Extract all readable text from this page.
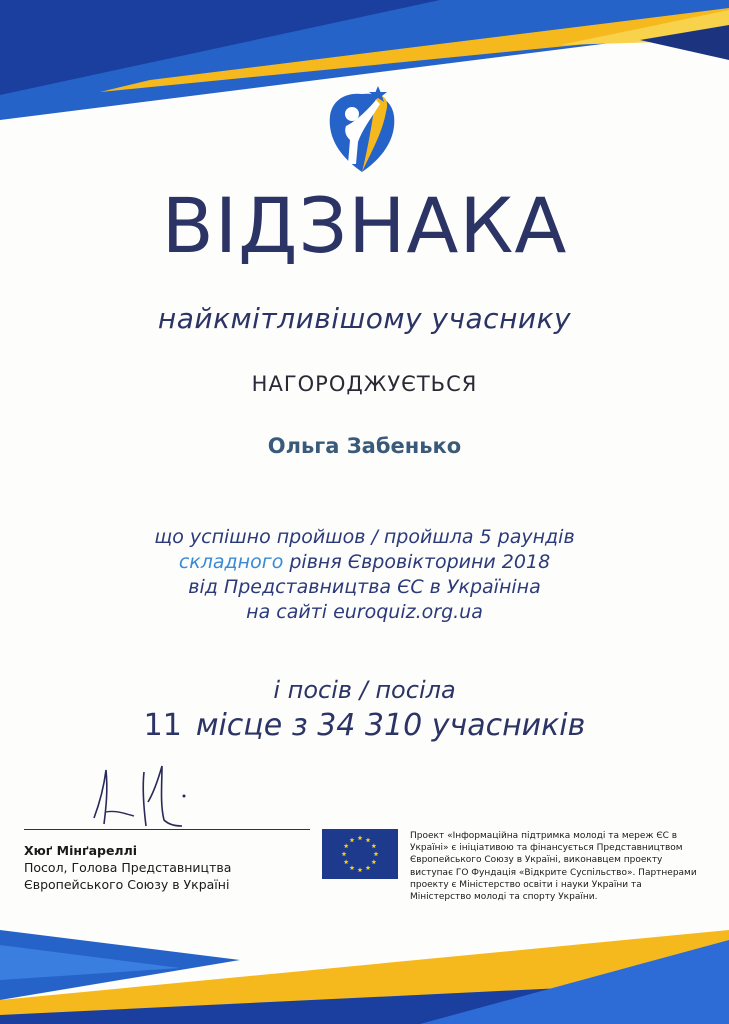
ВІДЗНАКА
найкмітливішому учаснику
НАГОРОДЖУЄТЬСЯ
Ольга Забенько
що успішно пройшов / пройшла 5 раундів
складного рівня Євровікторини 2018
від Представництва ЄС в Україніна
на сайті euroquiz.org.ua
і посів / посіла
11 місце з 34 310 учасників
Хюґ Мінґареллі
Посол, Голова Представництва
Європейського Союзу в Україні
Проект «Інформаційна підтримка молоді та мереж ЄС в
Україні» є ініціативою та фінансується Представництвом
Європейського Союзу в Україні, виконавцем проекту
виступає ГО Фундація «Відкрите Суспільство». Партнерами
проекту є Міністерство освіти і науки України та
Міністерство молоді та спорту України.
